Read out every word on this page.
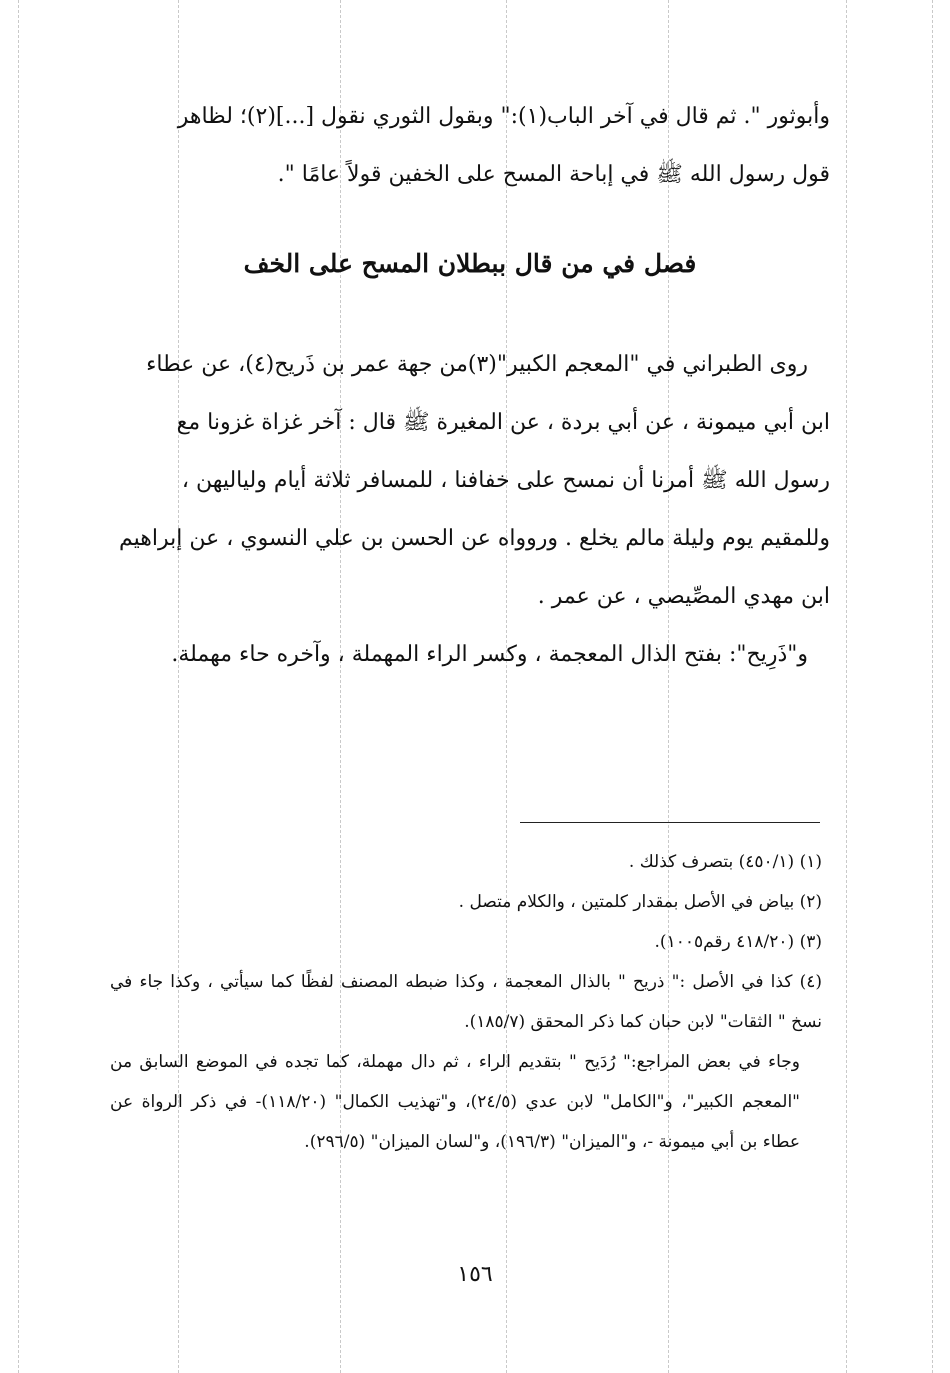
وأبوثور ". ثم قال في آخر الباب(١):" وبقول الثوري نقول [...](٢)؛ لظاهر

قول رسول الله ﷺ في إباحة المسح على الخفين قولاً عامًا ".

فصل في من قال ببطلان المسح على الخف

روى الطبراني في "المعجم الكبير"(٣)من جهة عمر بن ذَريح(٤)، عن عطاء

ابن أبي ميمونة ، عن أبي بردة ، عن المغيرة ﷺ قال : آخر غزاة غزونا مع

رسول الله ﷺ أمرنا أن نمسح على خفافنا ، للمسافر ثلاثة أيام ولياليهن ،

وللمقيم يوم وليلة مالم يخلع . وروواه عن الحسن بن علي النسوي ، عن إبراهيم

ابن مهدي المصِّيصي ، عن عمر .

و"ذَرِيح": بفتح الذال المعجمة ، وكسر الراء المهملة ، وآخره حاء مهملة.

(١) (٤٥٠/١) بتصرف كذلك .

(٢) بياض في الأصل بمقدار كلمتين ، والكلام متصل .

(٣) (٤١٨/٢٠ رقم١٠٠٥).

(٤) كذا في الأصل :" ذريح " بالذال المعجمة ، وكذا ضبطه المصنف لفظًا كما سيأتي ، وكذا جاء في نسخ " الثقات" لابن حبان كما ذكر المحقق (١٨٥/٧).

وجاء في بعض المراجع:" رُدَيح " بتقديم الراء ، ثم دال مهملة، كما تجده في الموضع السابق من "المعجم الكبير"، و"الكامل" لابن عدي (٢٤/٥)، و"تهذيب الكمال" (١١٨/٢٠)- في ذكر الرواة عن عطاء بن أبي ميمونة -، و"الميزان" (١٩٦/٣)، و"لسان الميزان" (٢٩٦/٥).

١٥٦
